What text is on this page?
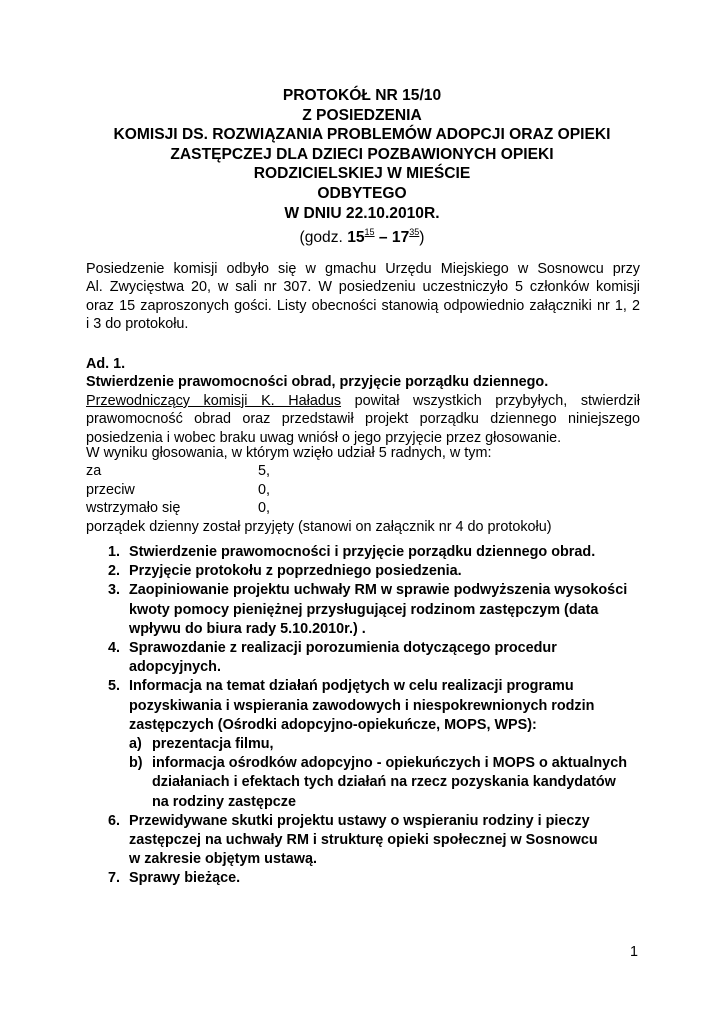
PROTOKÓŁ NR 15/10
Z POSIEDZENIA
KOMISJI DS. ROZWIĄZANIA PROBLEMÓW ADOPCJI ORAZ OPIEKI
ZASTĘPCZEJ DLA DZIECI POZBAWIONYCH OPIEKI
RODZICIELSKIEJ W MIEŚCIE
ODBYTEGO
W DNIU 22.10.2010R.
(godz. $15^{15} - 17^{35}$)
Posiedzenie komisji odbyło się w gmachu Urzędu Miejskiego w Sosnowcu przy
Al. Zwycięstwa 20, w sali nr 307. W posiedzeniu uczestniczyło 5 członków komisji
oraz 15 zaproszonych gości. Listy obecności stanowią odpowiednio załączniki nr 1, 2
i 3 do protokołu.
Ad. 1.
Stwierdzenie prawomocności obrad, przyjęcie porządku dziennego.
Przewodniczący komisji K. Haładus powitał wszystkich przybyłych, stwierdził
prawomocność obrad oraz przedstawił projekt porządku dziennego niniejszego
posiedzenia i wobec braku uwag wniósł o jego przyjęcie przez głosowanie.
W wyniku głosowania, w którym wzięło udział 5 radnych, w tym:
za	5,
przeciw	0,
wstrzymało się	0,
porządek dzienny został przyjęty (stanowi on załącznik nr 4 do protokołu)
1. Stwierdzenie prawomocności i przyjęcie porządku dziennego obrad.
2. Przyjęcie protokołu z poprzedniego posiedzenia.
3. Zaopiniowanie projektu uchwały RM w sprawie podwyższenia wysokości
kwoty pomocy pieniężnej przysługującej rodzinom zastępczym (data
wpływu do biura rady 5.10.2010r.) .
4. Sprawozdanie z realizacji porozumienia dotyczącego procedur
adopcyjnych.
5. Informacja na temat działań podjętych w celu realizacji programu
pozyskiwania i wspierania zawodowych i niespokrewnionych rodzin
zastępczych (Ośrodki adopcyjno-opiekuńcze, MOPS, WPS):
a) prezentacja filmu,
b) informacja ośrodków adopcyjno - opiekuńczych i MOPS o aktualnych
działaniach i efektach tych działań na rzecz pozyskania kandydatów
na rodziny zastępcze
6. Przewidywane skutki projektu ustawy o wspieraniu rodziny i pieczy
zastępczej na uchwały RM i strukturę opieki społecznej w Sosnowcu
w zakresie objętym ustawą.
7. Sprawy bieżące.
1
